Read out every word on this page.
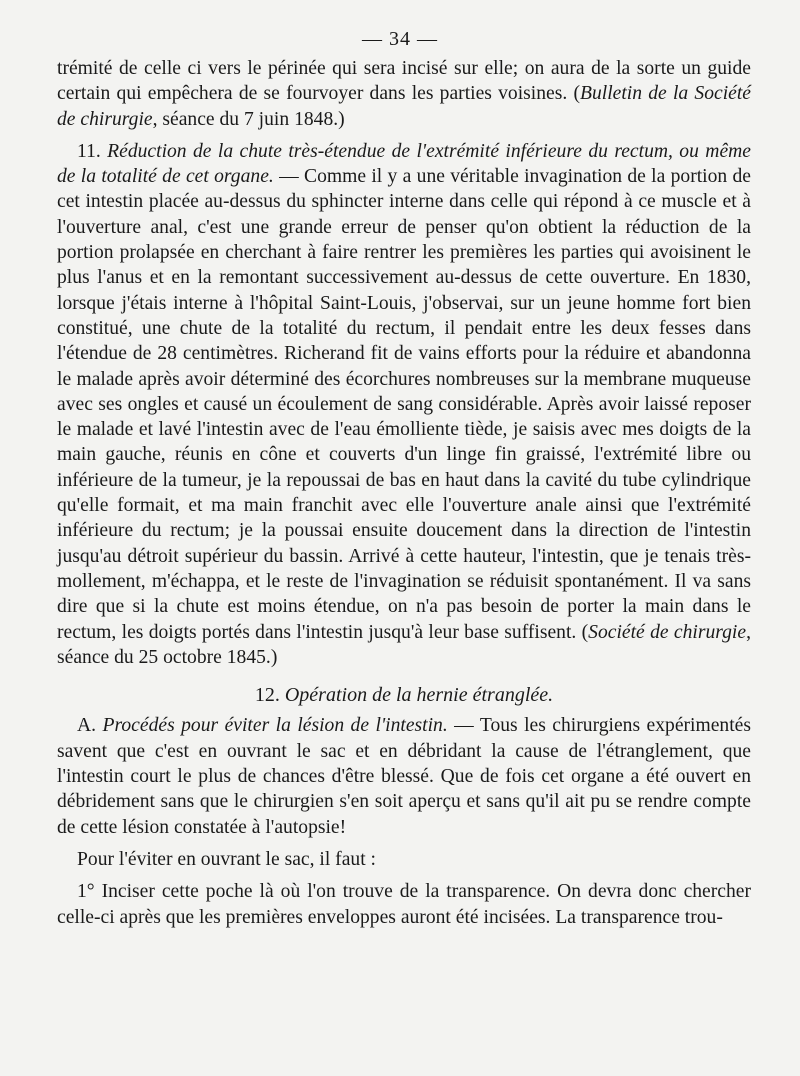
— 34 —

trémité de celle ci vers le périnée qui sera incisé sur elle; on aura de la sorte un guide certain qui empêchera de se fourvoyer dans les parties voisines. (Bulletin de la Société de chirurgie, séance du 7 juin 1848.)

11. Réduction de la chute très-étendue de l'extrémité inférieure du rectum, ou même de la totalité de cet organe. — Comme il y a une véritable invagination de la portion de cet intestin placée au-dessus du sphincter interne dans celle qui répond à ce muscle et à l'ouverture anal, c'est une grande erreur de penser qu'on obtient la réduction de la portion prolapsée en cherchant à faire rentrer les premières les parties qui avoisinent le plus l'anus et en la remontant successivement au-dessus de cette ouverture. En 1830, lorsque j'étais interne à l'hôpital Saint-Louis, j'observai, sur un jeune homme fort bien constitué, une chute de la totalité du rectum, il pendait entre les deux fesses dans l'étendue de 28 centimètres. Richerand fit de vains efforts pour la réduire et abandonna le malade après avoir déterminé des écorchures nombreuses sur la membrane muqueuse avec ses ongles et causé un écoulement de sang considérable. Après avoir laissé reposer le malade et lavé l'intestin avec de l'eau émolliente tiède, je saisis avec mes doigts de la main gauche, réunis en cône et couverts d'un linge fin graissé, l'extrémité libre ou inférieure de la tumeur, je la repoussai de bas en haut dans la cavité du tube cylindrique qu'elle formait, et ma main franchit avec elle l'ouverture anale ainsi que l'extrémité inférieure du rectum; je la poussai ensuite doucement dans la direction de l'intestin jusqu'au détroit supérieur du bassin. Arrivé à cette hauteur, l'intestin, que je tenais très-mollement, m'échappa, et le reste de l'invagination se réduisit spontanément. Il va sans dire que si la chute est moins étendue, on n'a pas besoin de porter la main dans le rectum, les doigts portés dans l'intestin jusqu'à leur base suffisent. (Société de chirurgie, séance du 25 octobre 1845.)

12. Opération de la hernie étranglée.

A. Procédés pour éviter la lésion de l'intestin. — Tous les chirurgiens expérimentés savent que c'est en ouvrant le sac et en débridant la cause de l'étranglement, que l'intestin court le plus de chances d'être blessé. Que de fois cet organe a été ouvert en débridement sans que le chirurgien s'en soit aperçu et sans qu'il ait pu se rendre compte de cette lésion constatée à l'autopsie!

Pour l'éviter en ouvrant le sac, il faut :

1° Inciser cette poche là où l'on trouve de la transparence. On devra donc chercher celle-ci après que les premières enveloppes auront été incisées. La transparence trou-
